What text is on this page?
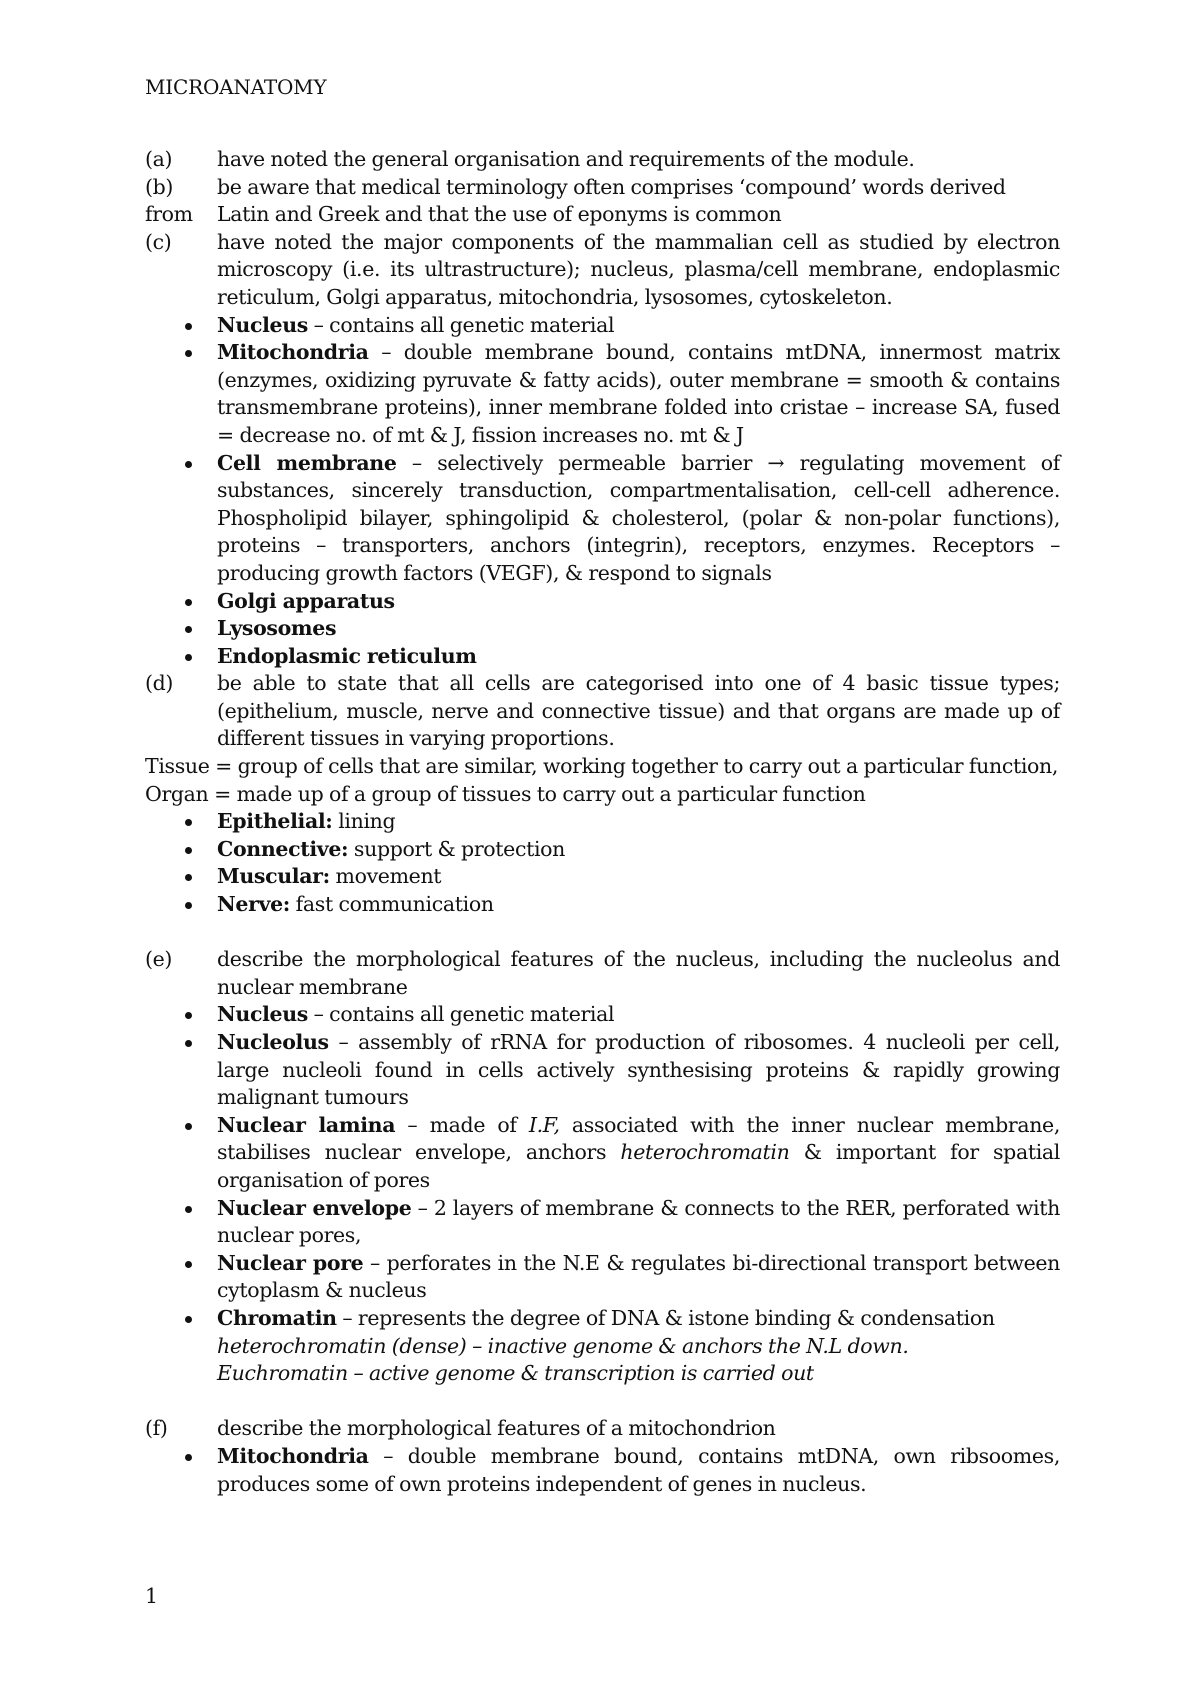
MICROANATOMY
(a)	have noted the general organisation and requirements of the module.
(b)	be aware that medical terminology often comprises ‘compound’ words derived
from	Latin and Greek and that the use of eponyms is common
(c)	have noted the major components of the mammalian cell as studied by electron microscopy (i.e. its ultrastructure); nucleus, plasma/cell membrane, endoplasmic reticulum, Golgi apparatus, mitochondria, lysosomes, cytoskeleton.
Nucleus – contains all genetic material
Mitochondria – double membrane bound, contains mtDNA, innermost matrix (enzymes, oxidizing pyruvate & fatty acids), outer membrane = smooth & contains transmembrane proteins), inner membrane folded into cristae – increase SA, fused = decrease no. of mt & J, fission increases no. mt & J
Cell membrane – selectively permeable barrier → regulating movement of substances, sincerely transduction, compartmentalisation, cell-cell adherence. Phospholipid bilayer, sphingolipid & cholesterol, (polar & non-polar functions), proteins – transporters, anchors (integrin), receptors, enzymes. Receptors – producing growth factors (VEGF), & respond to signals
Golgi apparatus
Lysosomes
Endoplasmic reticulum
(d)	be able to state that all cells are categorised into one of 4 basic tissue types; (epithelium, muscle, nerve and connective tissue) and that organs are made up of different tissues in varying proportions.
Tissue = group of cells that are similar, working together to carry out a particular function,
Organ = made up of a group of tissues to carry out a particular function
Epithelial: lining
Connective: support & protection
Muscular: movement
Nerve: fast communication
(e)	describe the morphological features of the nucleus, including the nucleolus and nuclear membrane
Nucleus – contains all genetic material
Nucleolus – assembly of rRNA for production of ribosomes. 4 nucleoli per cell, large nucleoli found in cells actively synthesising proteins & rapidly growing malignant tumours
Nuclear lamina – made of I.F, associated with the inner nuclear membrane, stabilises nuclear envelope, anchors heterochromatin & important for spatial organisation of pores
Nuclear envelope – 2 layers of membrane & connects to the RER, perforated with nuclear pores,
Nuclear pore – perforates in the N.E & regulates bi-directional transport between cytoplasm & nucleus
Chromatin – represents the degree of DNA & istone binding & condensation
heterochromatin (dense) – inactive genome & anchors the N.L down.
Euchromatin – active genome & transcription is carried out
(f)	describe the morphological features of a mitochondrion
Mitochondria – double membrane bound, contains mtDNA, own ribsoomes, produces some of own proteins independent of genes in nucleus.
1
